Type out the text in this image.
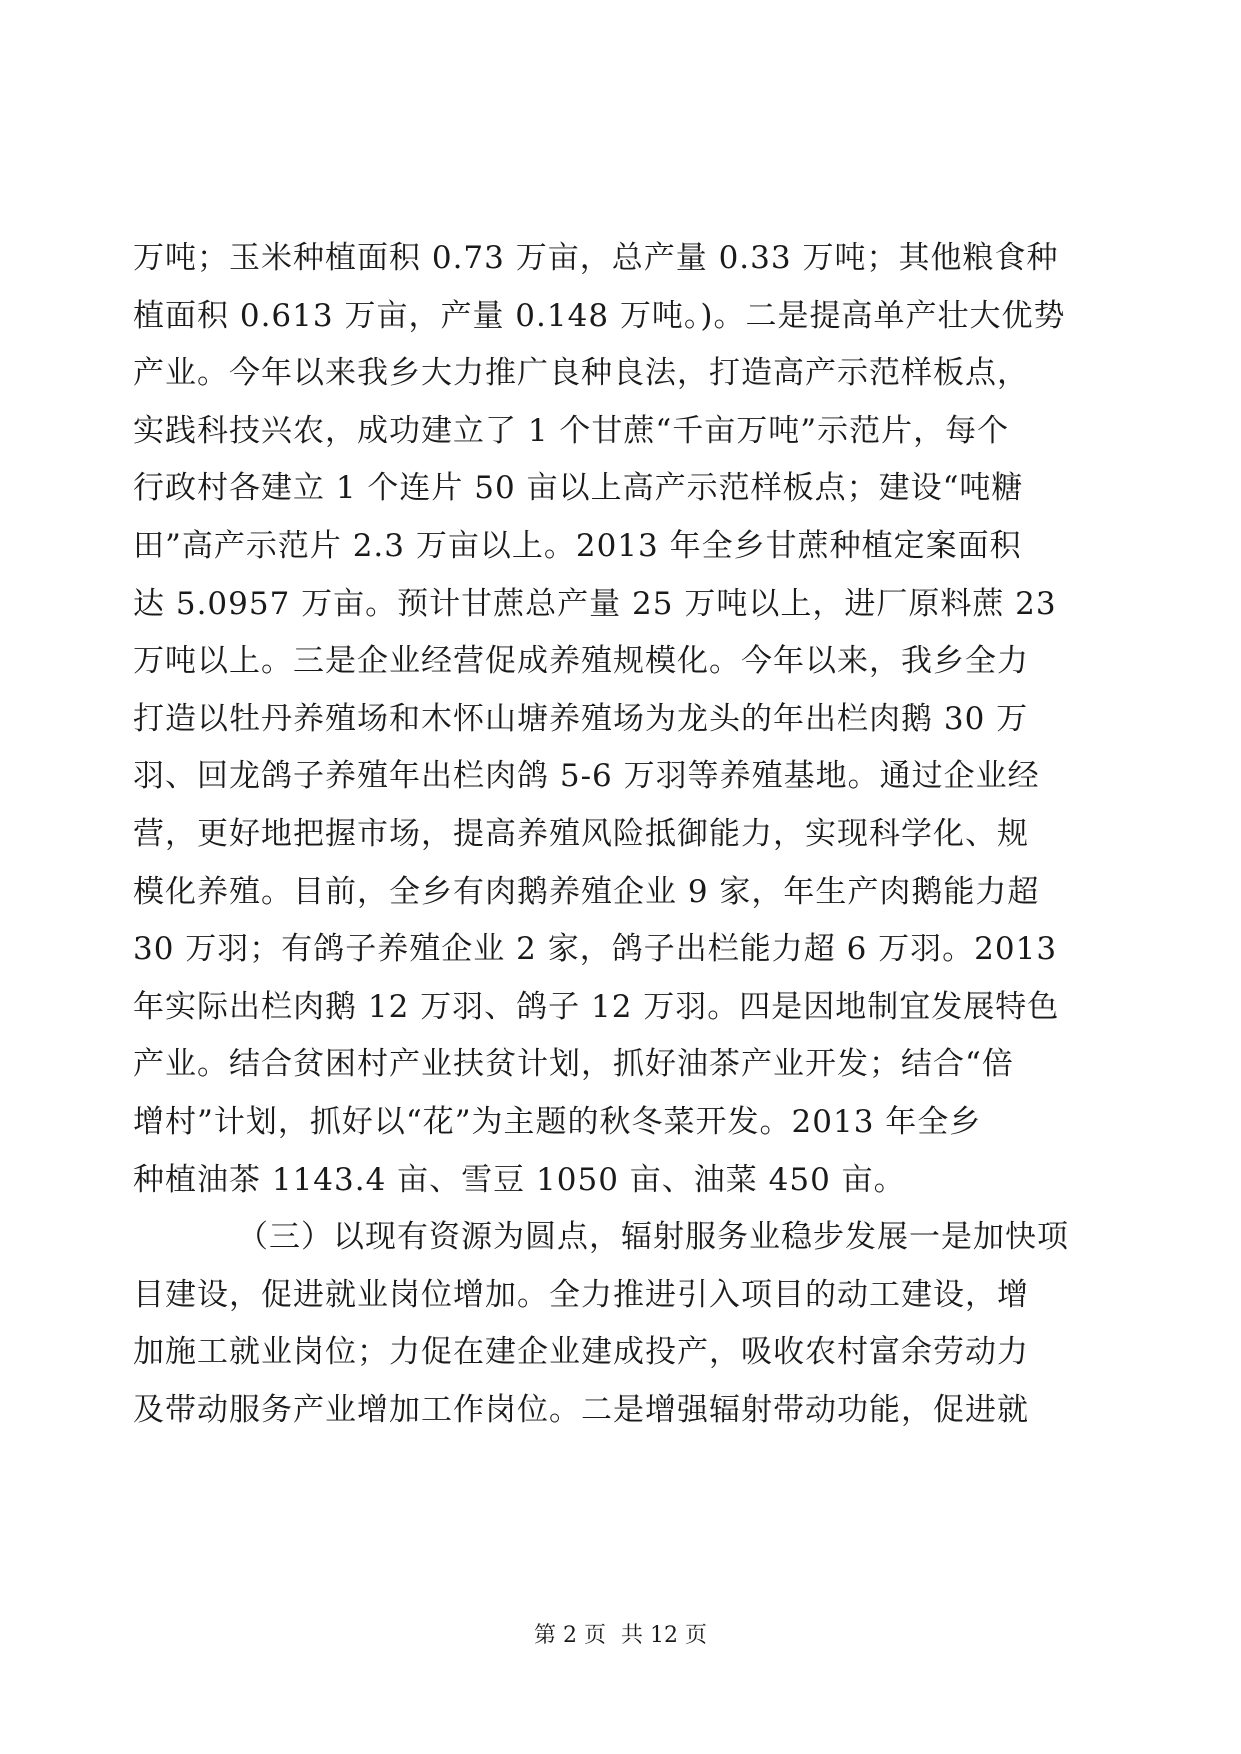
万吨；玉米种植面积 0.73 万亩，总产量 0.33 万吨；其他粮食种
植面积 0.613 万亩，产量 0.148 万吨。)。二是提高单产壮大优势
产业。今年以来我乡大力推广良种良法，打造高产示范样板点，
实践科技兴农，成功建立了 1 个甘蔗“千亩万吨”示范片，每个
行政村各建立 1 个连片 50 亩以上高产示范样板点；建设“吨糖
田”高产示范片 2.3 万亩以上。2013 年全乡甘蔗种植定案面积
达 5.0957 万亩。预计甘蔗总产量 25 万吨以上，进厂原料蔗 23
万吨以上。三是企业经营促成养殖规模化。今年以来，我乡全力
打造以牡丹养殖场和木怀山塘养殖场为龙头的年出栏肉鹅 30 万
羽、回龙鸽子养殖年出栏肉鸽 5-6 万羽等养殖基地。通过企业经
营，更好地把握市场，提高养殖风险抵御能力，实现科学化、规
模化养殖。目前，全乡有肉鹅养殖企业 9 家，年生产肉鹅能力超
30 万羽；有鸽子养殖企业 2 家，鸽子出栏能力超 6 万羽。2013
年实际出栏肉鹅 12 万羽、鸽子 12 万羽。四是因地制宜发展特色
产业。结合贫困村产业扶贫计划，抓好油茶产业开发；结合“倍
增村”计划，抓好以“花”为主题的秋冬菜开发。2013 年全乡
种植油茶 1143.4 亩、雪豆 1050 亩、油菜 450 亩。
（三）以现有资源为圆点，辐射服务业稳步发展一是加快项
目建设，促进就业岗位增加。全力推进引入项目的动工建设，增
加施工就业岗位；力促在建企业建成投产，吸收农村富余劳动力
及带动服务产业增加工作岗位。二是增强辐射带动功能，促进就
第 2 页 共 12 页
